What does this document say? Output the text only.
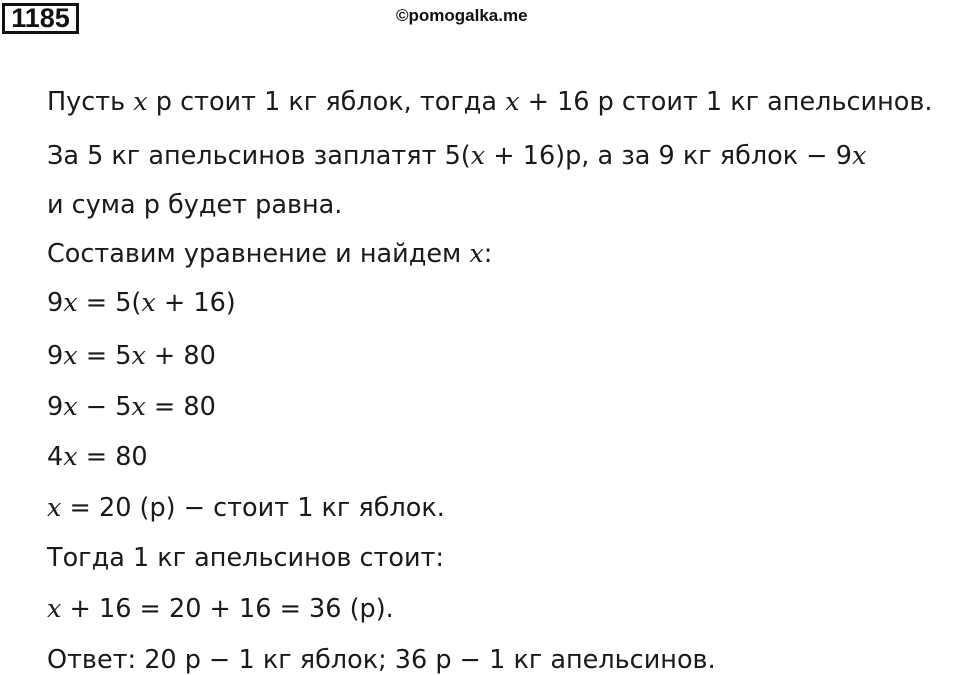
1185	©pomogalka.me
Пусть x р стоит 1 кг яблок, тогда x + 16 р стоит 1 кг апельсинов.
За 5 кг апельсинов заплатят 5(x + 16)р, а за 9 кг яблок − 9x
и сума р будет равна.
Составим уравнение и найдем x:
9x = 5(x + 16)
9x = 5x + 80
9x − 5x = 80
4x = 80
x = 20 (р) − стоит 1 кг яблок.
Тогда 1 кг апельсинов стоит:
x + 16 = 20 + 16 = 36 (р).
Ответ: 20 р − 1 кг яблок; 36 р − 1 кг апельсинов.
